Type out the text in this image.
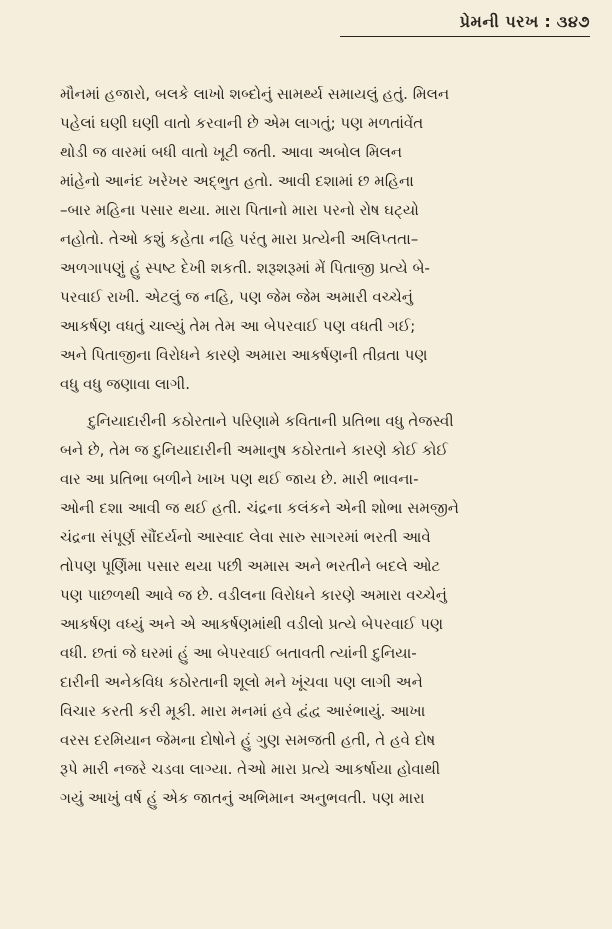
પ્રેમની પરખ : ૩૪૭
મૌનમાં હજારો, બલકે લાખો શબ્દોનું સામર્થ્ય સમાયલું હતું. મિલન
પહેલાં ઘણી ઘણી વાતો કરવાની છે એમ લાગતું; પણ મળતાંવેંત
થોડી જ વારમાં બધી વાતો ખૂટી જતી. આવા અબોલ મિલન
માંહેનો આનંદ ખરેખર અદ્ભુત હતો. આવી દશામાં છ મહિના
–બાર મહિના પસાર થયા. મારા પિતાનો મારા પરનો રોષ ઘટ્યો
નહોતો. તેઓ કશું કહેતા નહિ પરંતુ મારા પ્રત્યેની અલિપ્તતા–
અળગાપણું હું સ્પષ્ટ દેખી શકતી. શરૂશરૂમાં મેં પિતાજી પ્રત્યે બે-
પરવાઈ રાખી. એટલું જ નહિ, પણ જેમ જેમ અમારી વચ્ચેનું
આકર્ષણ વધતું ચાલ્યું તેમ તેમ આ બેપરવાઈ પણ વધતી ગઈ;
અને પિતાજીના વિરોધને કારણે અમારા આકર્ષણની તીવ્રતા પણ
વધુ વધુ જણાવા લાગી.
દુનિયાદારીની કઠોરતાને પરિણામે કવિતાની પ્રતિભા વધુ તેજસ્વી
બને છે, તેમ જ દુનિયાદારીની અમાનુષ કઠોરતાને કારણે કોઈ કોઈ
વાર આ પ્રતિભા બળીને ખાખ પણ થઈ જાય છે. મારી ભાવના-
ઓની દશા આવી જ થઈ હતી. ચંદ્રના કલંકને એની શોભા સમજીને
ચંદ્રના સંપૂર્ણ સૌંદર્યનો આસ્વાદ લેવા સારુ સાગરમાં ભરતી આવે
તોપણ પૂર્ણિમા પસાર થયા પછી અમાસ અને ભરતીને બદલે ઓટ
પણ પાછળથી આવે જ છે. વડીલના વિરોધને કારણે અમારા વચ્ચેનું
આકર્ષણ વધ્યું અને એ આકર્ષણમાંથી વડીલો પ્રત્યે બેપરવાઈ પણ
વધી. છતાં જે ઘરમાં હું આ બેપરવાઈ બતાવતી ત્યાંની દુનિયા-
દારીની અનેકવિધ કઠોરતાની શૂલો મને ખૂંચવા પણ લાગી અને
વિચાર કરતી કરી મૂકી. મારા મનમાં હવે દ્વંદ્વ આરંભાયું. આખા
વરસ દરમિયાન જેમના દોષોને હું ગુણ સમજતી હતી, તે હવે દોષ
રૂપે મારી નજરે ચડવા લાગ્યા. તેઓ મારા પ્રત્યે આકર્ષાયા હોવાથી
ગયું આખું વર્ષ હું એક જાતનું અભિમાન અનુભવતી. પણ મારા
